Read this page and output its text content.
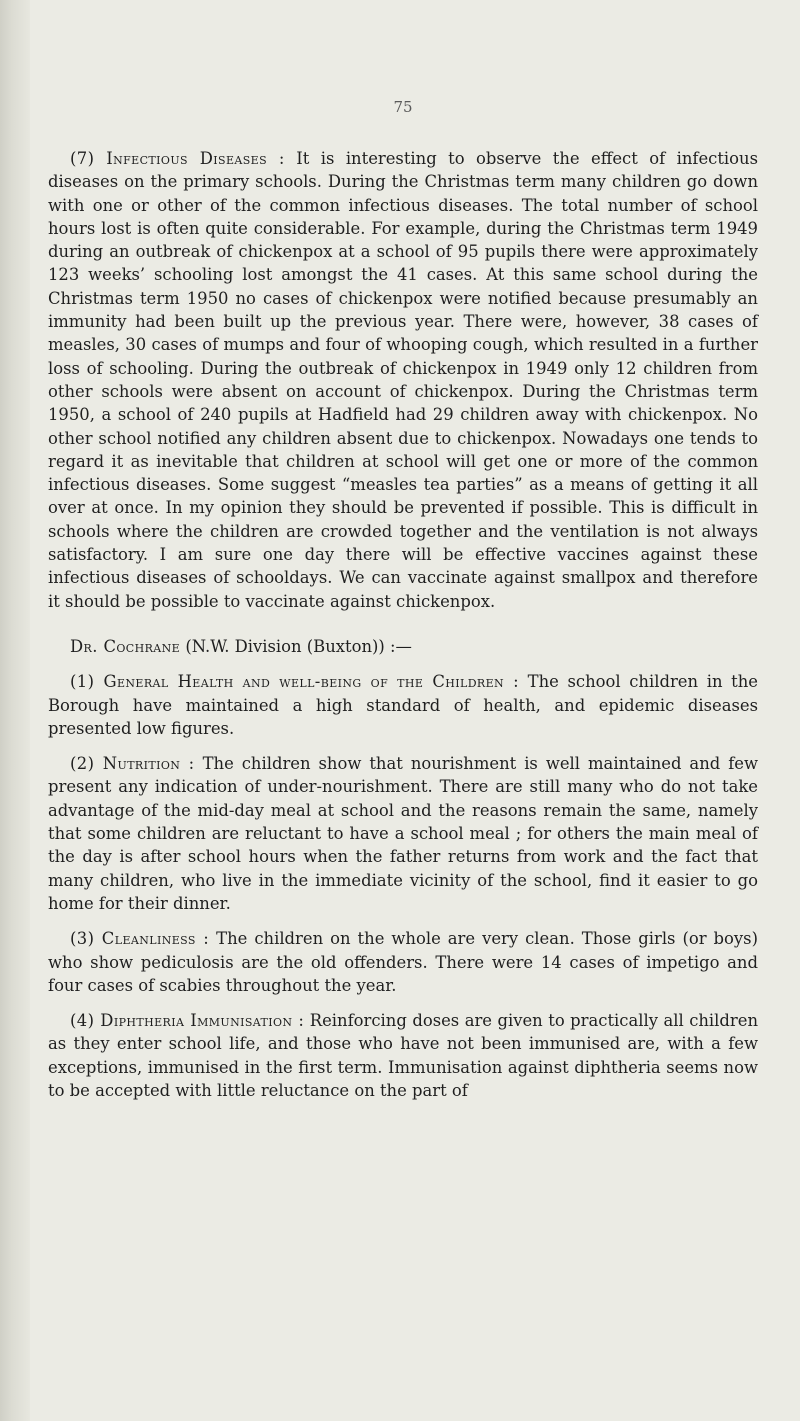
75

(7) Infectious Diseases : It is interesting to observe the effect of infectious diseases on the primary schools. During the Christmas term many children go down with one or other of the common infectious diseases. The total number of school hours lost is often quite considerable. For example, during the Christmas term 1949 during an outbreak of chickenpox at a school of 95 pupils there were approximately 123 weeks’ schooling lost amongst the 41 cases. At this same school during the Christmas term 1950 no cases of chickenpox were notified because presumably an immunity had been built up the previous year. There were, however, 38 cases of measles, 30 cases of mumps and four of whooping cough, which resulted in a further loss of schooling. During the outbreak of chickenpox in 1949 only 12 children from other schools were absent on account of chickenpox. During the Christmas term 1950, a school of 240 pupils at Hadfield had 29 children away with chickenpox. No other school notified any children absent due to chickenpox. Nowadays one tends to regard it as inevitable that children at school will get one or more of the common infectious diseases. Some suggest “measles tea parties” as a means of getting it all over at once. In my opinion they should be prevented if possible. This is difficult in schools where the children are crowded together and the ventilation is not always satisfactory. I am sure one day there will be effective vaccines against these infectious diseases of schooldays. We can vaccinate against smallpox and therefore it should be possible to vaccinate against chickenpox.

Dr. Cochrane (N.W. Division (Buxton)) :—

(1) General Health and well-being of the Children : The school children in the Borough have maintained a high standard of health, and epidemic diseases presented low figures.

(2) Nutrition : The children show that nourishment is well maintained and few present any indication of under-nourishment. There are still many who do not take advantage of the mid-day meal at school and the reasons remain the same, namely that some children are reluctant to have a school meal ; for others the main meal of the day is after school hours when the father returns from work and the fact that many children, who live in the immediate vicinity of the school, find it easier to go home for their dinner.

(3) Cleanliness : The children on the whole are very clean. Those girls (or boys) who show pediculosis are the old offenders. There were 14 cases of impetigo and four cases of scabies throughout the year.

(4) Diphtheria Immunisation : Reinforcing doses are given to practically all children as they enter school life, and those who have not been immunised are, with a few exceptions, immunised in the first term. Immunisation against diphtheria seems now to be accepted with little reluctance on the part of
